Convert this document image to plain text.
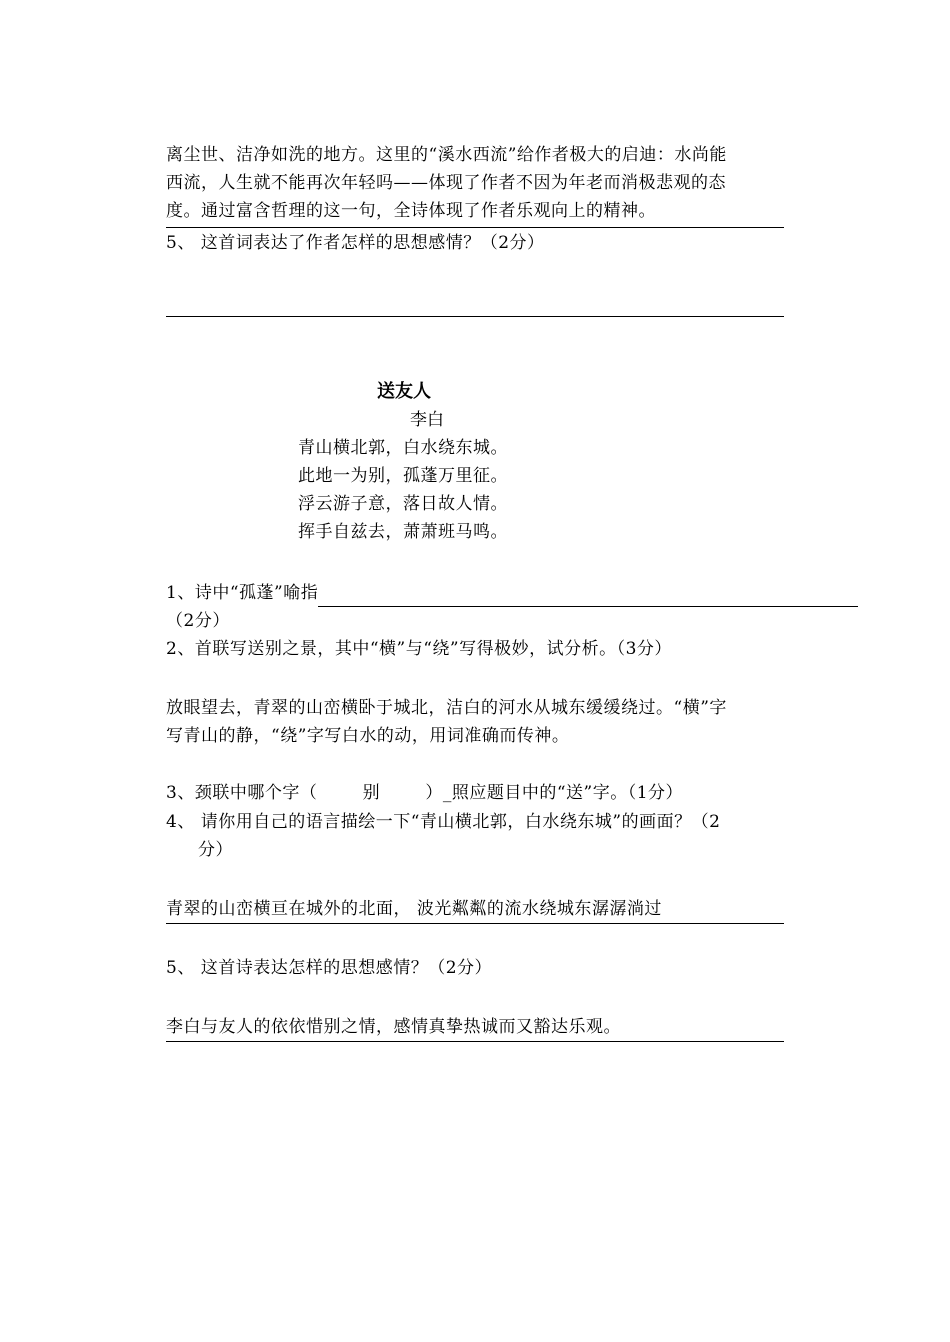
离尘世、洁净如洗的地方。这里的“溪水西流”给作者极大的启迪：水尚能
西流，人生就不能再次年轻吗——体现了作者不因为年老而消极悲观的态
度。通过富含哲理的这一句，全诗体现了作者乐观向上的精神。
5、 这首词表达了作者怎样的思想感情？（2分）
送友人
李白
青山横北郭，白水绕东城。
此地一为别，孤蓬万里征。
浮云游子意，落日故人情。
挥手自兹去，萧萧班马鸣。
1、诗中“孤蓬”喻指
（2分）
2、首联写送别之景，其中“横”与“绕”写得极妙，试分析。（3分）
放眼望去，青翠的山峦横卧于城北，洁白的河水从城东缓缓绕过。“横”字
写青山的静，“绕”字写白水的动，用词准确而传神。
3、颈联中哪个字（	别	）_照应题目中的“送”字。（1分）
4、 请你用自己的语言描绘一下“青山横北郭，白水绕东城”的画面？（2
分）
青翠的山峦横亘在城外的北面， 波光粼粼的流水绕城东潺潺淌过
5、 这首诗表达怎样的思想感情？（2分）
李白与友人的依依惜别之情，感情真挚热诚而又豁达乐观。
